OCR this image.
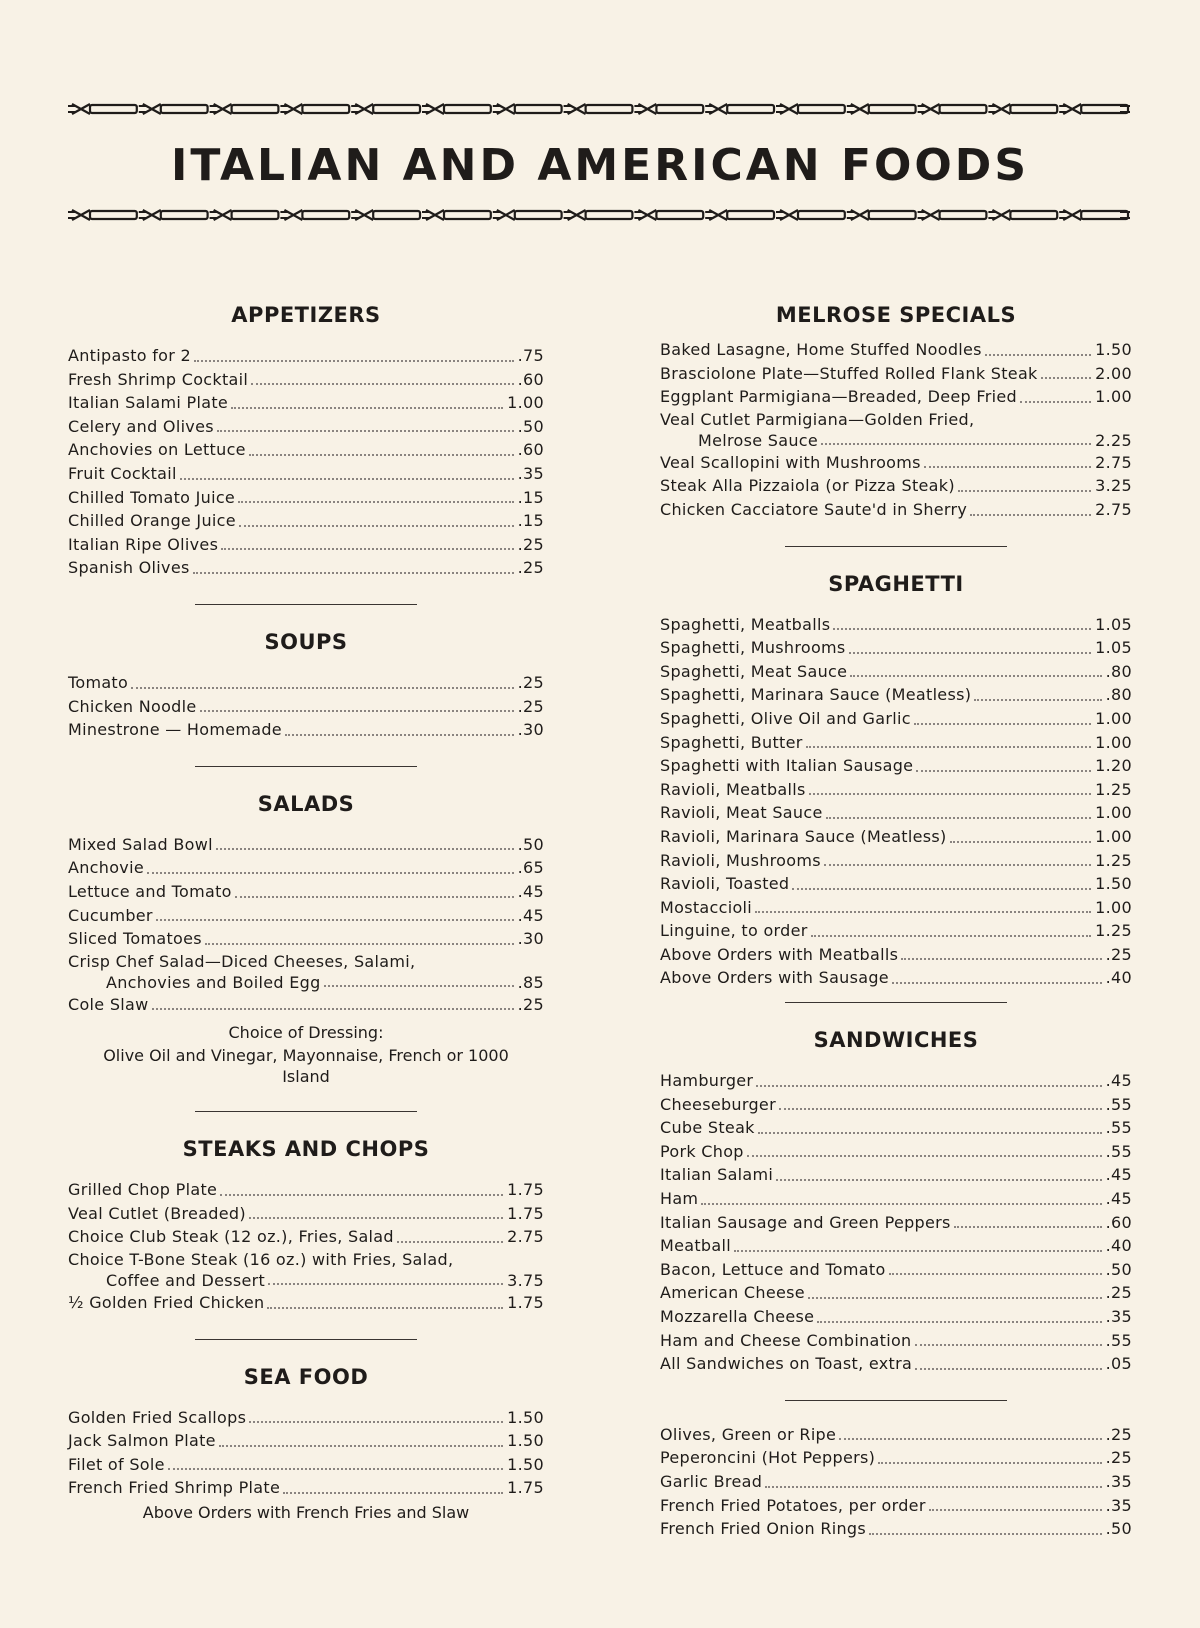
ITALIAN AND AMERICAN FOODS
APPETIZERS
Antipasto for 2	.75
Fresh Shrimp Cocktail	.60
Italian Salami Plate	1.00
Celery and Olives	.50
Anchovies on Lettuce	.60
Fruit Cocktail	.35
Chilled Tomato Juice	.15
Chilled Orange Juice	.15
Italian Ripe Olives	.25
Spanish Olives	.25
SOUPS
Tomato	.25
Chicken Noodle	.25
Minestrone — Homemade	.30
SALADS
Mixed Salad Bowl	.50
Anchovie	.65
Lettuce and Tomato	.45
Cucumber	.45
Sliced Tomatoes	.30
Crisp Chef Salad—Diced Cheeses, Salami,
Anchovies and Boiled Egg	.85
Cole Slaw	.25

Choice of Dressing:

Olive Oil and Vinegar, Mayonnaise, French or 1000 Island

STEAKS AND CHOPS
Grilled Chop Plate	1.75
Veal Cutlet (Breaded)	1.75
Choice Club Steak (12 oz.), Fries, Salad	2.75
Choice T-Bone Steak (16 oz.) with Fries, Salad,
Coffee and Dessert	3.75
½ Golden Fried Chicken	1.75
SEA FOOD
Golden Fried Scallops	1.50
Jack Salmon Plate	1.50
Filet of Sole	1.50
French Fried Shrimp Plate	1.75

Above Orders with French Fries and Slaw

MELROSE SPECIALS
Baked Lasagne, Home Stuffed Noodles	1.50
Brasciolone Plate—Stuffed Rolled Flank Steak	2.00
Eggplant Parmigiana—Breaded, Deep Fried	1.00
Veal Cutlet Parmigiana—Golden Fried,
Melrose Sauce	2.25
Veal Scallopini with Mushrooms	2.75
Steak Alla Pizzaiola (or Pizza Steak)	3.25
Chicken Cacciatore Saute'd in Sherry	2.75
SPAGHETTI
Spaghetti, Meatballs	1.05
Spaghetti, Mushrooms	1.05
Spaghetti, Meat Sauce	.80
Spaghetti, Marinara Sauce (Meatless)	.80
Spaghetti, Olive Oil and Garlic	1.00
Spaghetti, Butter	1.00
Spaghetti with Italian Sausage	1.20
Ravioli, Meatballs	1.25
Ravioli, Meat Sauce	1.00
Ravioli, Marinara Sauce (Meatless)	1.00
Ravioli, Mushrooms	1.25
Ravioli, Toasted	1.50
Mostaccioli	1.00
Linguine, to order	1.25
Above Orders with Meatballs	.25
Above Orders with Sausage	.40
SANDWICHES
Hamburger	.45
Cheeseburger	.55
Cube Steak	.55
Pork Chop	.55
Italian Salami	.45
Ham	.45
Italian Sausage and Green Peppers	.60
Meatball	.40
Bacon, Lettuce and Tomato	.50
American Cheese	.25
Mozzarella Cheese	.35
Ham and Cheese Combination	.55
All Sandwiches on Toast, extra	.05
Olives, Green or Ripe	.25
Peperoncini (Hot Peppers)	.25
Garlic Bread	.35
French Fried Potatoes, per order	.35
French Fried Onion Rings	.50
